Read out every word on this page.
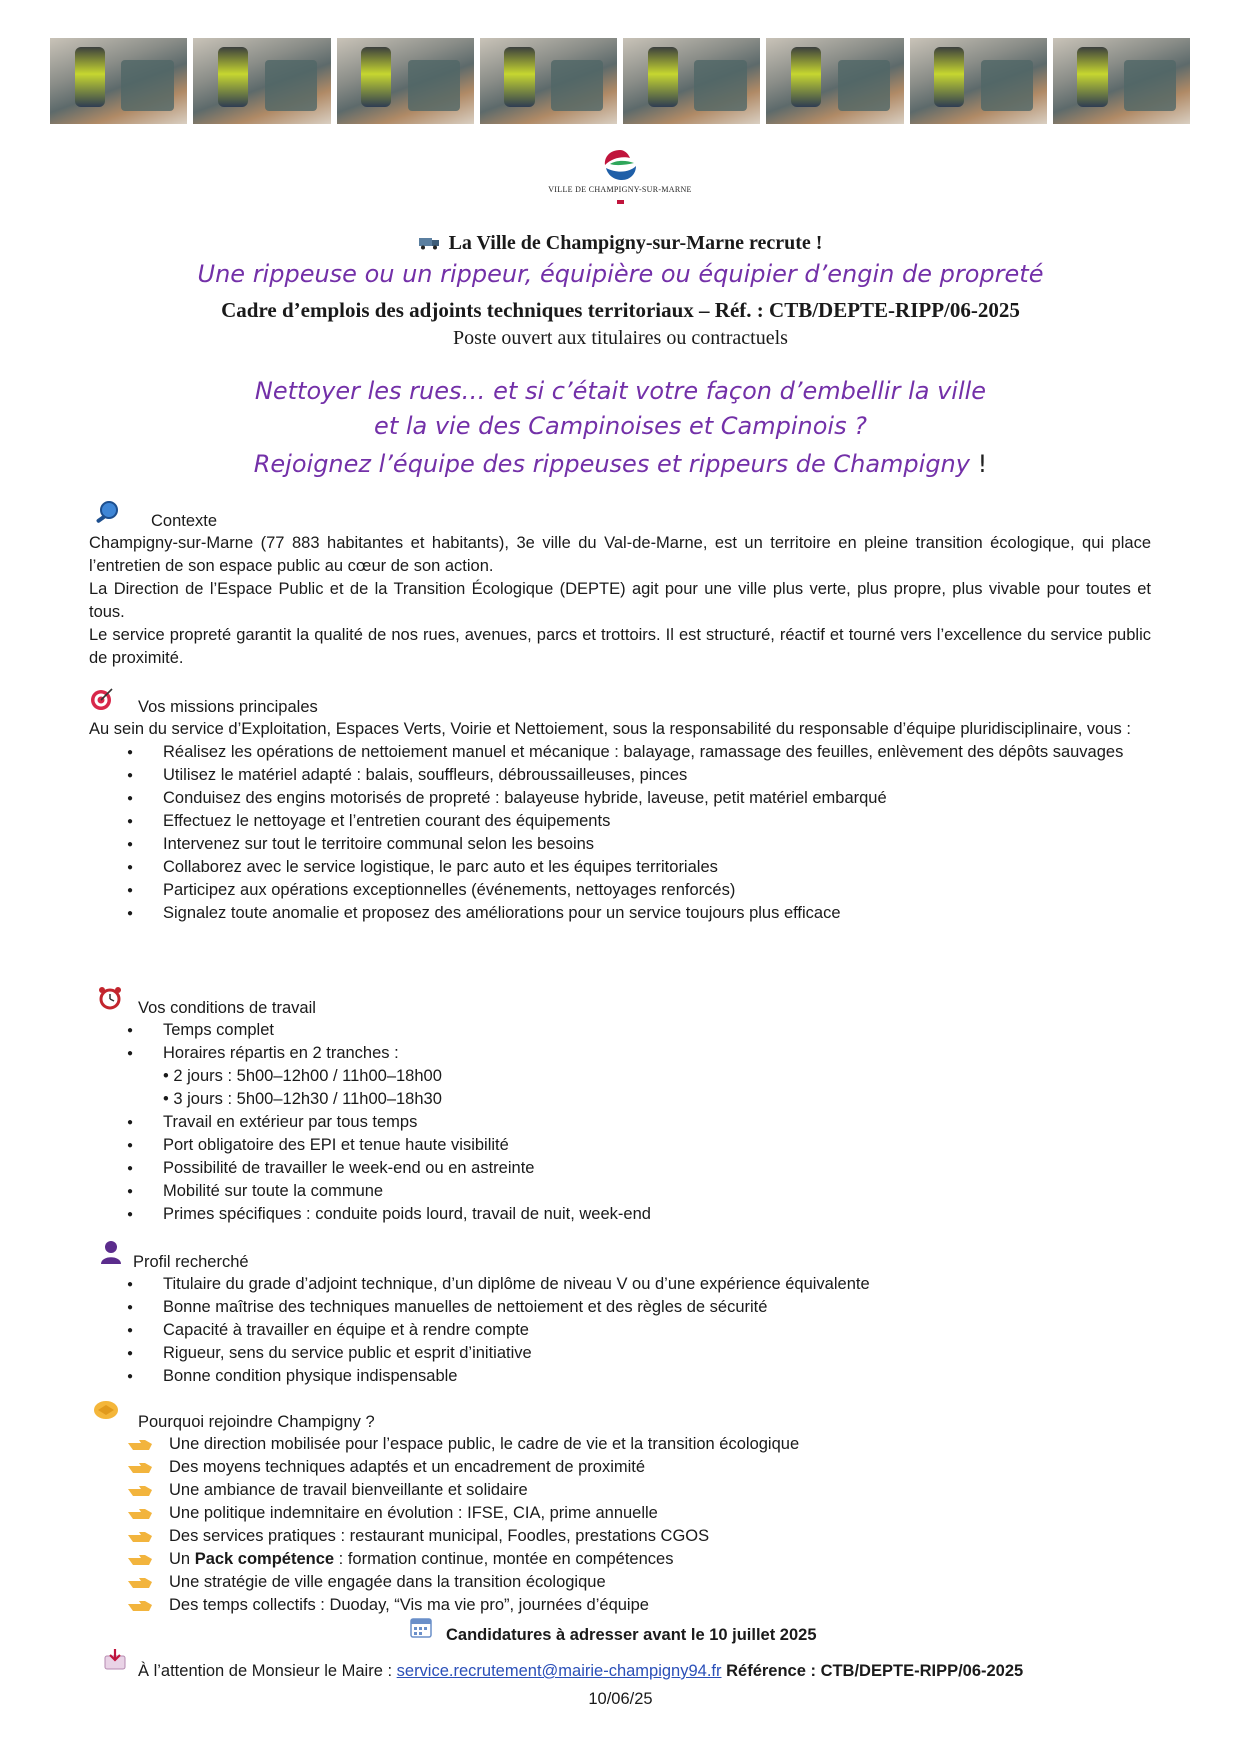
VILLE DE CHAMPIGNY-SUR-MARNE
La Ville de Champigny-sur-Marne recrute !
Une rippeuse ou un rippeur, équipière ou équipier d’engin de propreté
Cadre d’emplois des adjoints techniques territoriaux – Réf. : CTB/DEPTE-RIPP/06-2025
Poste ouvert aux titulaires ou contractuels
Nettoyer les rues… et si c’était votre façon d’embellir la ville
et la vie des Campinoises et Campinois ?
Rejoignez l’équipe des rippeuses et rippeurs de Champigny !
Contexte

Champigny-sur-Marne (77 883 habitantes et habitants), 3e ville du Val-de-Marne, est un territoire en pleine transition écologique, qui place l’entretien de son espace public au cœur de son action.

La Direction de l’Espace Public et de la Transition Écologique (DEPTE) agit pour une ville plus verte, plus propre, plus vivable pour toutes et tous.

Le service propreté garantit la qualité de nos rues, avenues, parcs et trottoirs. Il est structuré, réactif et tourné vers l’excellence du service public de proximité.

Vos missions principales

Au sein du service d’Exploitation, Espaces Verts, Voirie et Nettoiement, sous la responsabilité du responsable d’équipe pluridisciplinaire, vous :

● Réalisez les opérations de nettoiement manuel et mécanique : balayage, ramassage des feuilles, enlèvement des dépôts sauvages
● Utilisez le matériel adapté : balais, souffleurs, débroussailleuses, pinces
● Conduisez des engins motorisés de propreté : balayeuse hybride, laveuse, petit matériel embarqué
● Effectuez le nettoyage et l’entretien courant des équipements
● Intervenez sur tout le territoire communal selon les besoins
● Collaborez avec le service logistique, le parc auto et les équipes territoriales
● Participez aux opérations exceptionnelles (événements, nettoyages renforcés)
● Signalez toute anomalie et proposez des améliorations pour un service toujours plus efficace
Vos conditions de travail
● Temps complet
● Horaires répartis en 2 tranches :
• 2 jours : 5h00–12h00 / 11h00–18h00
• 3 jours : 5h00–12h30 / 11h00–18h30
● Travail en extérieur par tous temps
● Port obligatoire des EPI et tenue haute visibilité
● Possibilité de travailler le week-end ou en astreinte
● Mobilité sur toute la commune
● Primes spécifiques : conduite poids lourd, travail de nuit, week-end
Profil recherché
● Titulaire du grade d’adjoint technique, d’un diplôme de niveau V ou d’une expérience équivalente
● Bonne maîtrise des techniques manuelles de nettoiement et des règles de sécurité
● Capacité à travailler en équipe et à rendre compte
● Rigueur, sens du service public et esprit d’initiative
● Bonne condition physique indispensable
Pourquoi rejoindre Champigny ?
Une direction mobilisée pour l’espace public, le cadre de vie et la transition écologique
Des moyens techniques adaptés et un encadrement de proximité
Une ambiance de travail bienveillante et solidaire
Une politique indemnitaire en évolution : IFSE, CIA, prime annuelle
Des services pratiques : restaurant municipal, Foodles, prestations CGOS
Un Pack compétence : formation continue, montée en compétences
Une stratégie de ville engagée dans la transition écologique
Des temps collectifs : Duoday, “Vis ma vie pro”, journées d’équipe
Candidatures à adresser avant le 10 juillet 2025
À l’attention de Monsieur le Maire : service.recrutement@mairie-champigny94.fr Référence : CTB/DEPTE-RIPP/06-2025
10/06/25
